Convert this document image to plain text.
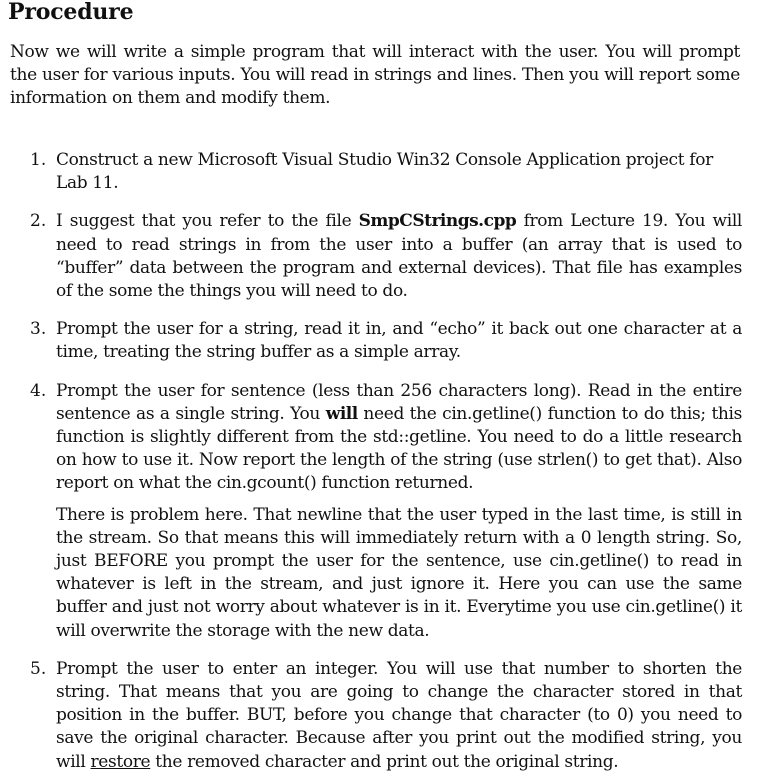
Procedure

Now we will write a simple program that will interact with the user. You will prompt the user for various inputs. You will read in strings and lines. Then you will report some information on them and modify them.

1. Construct a new Microsoft Visual Studio Win32 Console Application project for Lab 11.

2. I suggest that you refer to the file SmpCStrings.cpp from Lecture 19. You will need to read strings in from the user into a buffer (an array that is used to “buffer” data between the program and external devices). That file has examples of the some the things you will need to do.

3. Prompt the user for a string, read it in, and “echo” it back out one character at a time, treating the string buffer as a simple array.

4. Prompt the user for sentence (less than 256 characters long). Read in the entire sentence as a single string. You will need the cin.getline() function to do this; this function is slightly different from the std::getline. You need to do a little research on how to use it. Now report the length of the string (use strlen() to get that). Also report on what the cin.gcount() function returned.

There is problem here. That newline that the user typed in the last time, is still in the stream. So that means this will immediately return with a 0 length string. So, just BEFORE you prompt the user for the sentence, use cin.getline() to read in whatever is left in the stream, and just ignore it. Here you can use the same buffer and just not worry about whatever is in it. Everytime you use cin.getline() it will overwrite the storage with the new data.

5. Prompt the user to enter an integer. You will use that number to shorten the string. That means that you are going to change the character stored in that position in the buffer. BUT, before you change that character (to 0) you need to save the original character. Because after you print out the modified string, you will restore the removed character and print out the original string.
